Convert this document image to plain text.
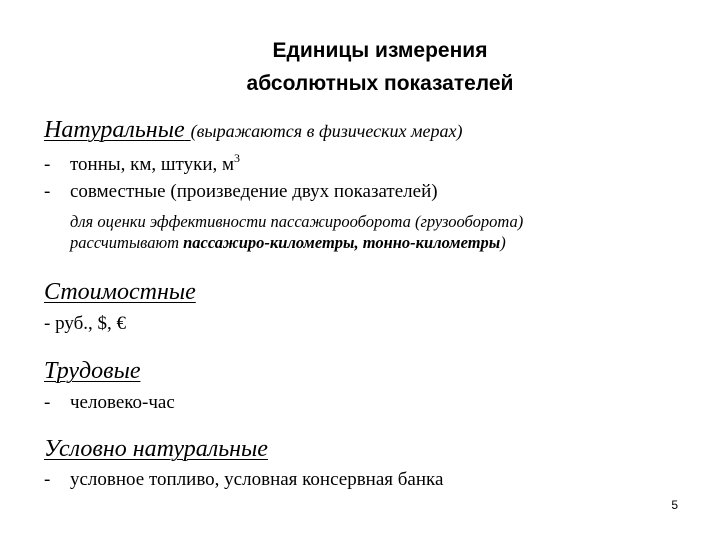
Единицы измерения
абсолютных показателей
Натуральные (выражаются в физических мерах)
- тонны, км, штуки, $м^3$
- совместные (произведение двух показателей)
для оценки эффективности пассажирооборота (грузооборота)
рассчитывают пассажиро-километры, тонно-километры)
Стоимостные
- руб., $, €
Трудовые
- человеко-час
Условно натуральные
- условное топливо, условная консервная банка
5
